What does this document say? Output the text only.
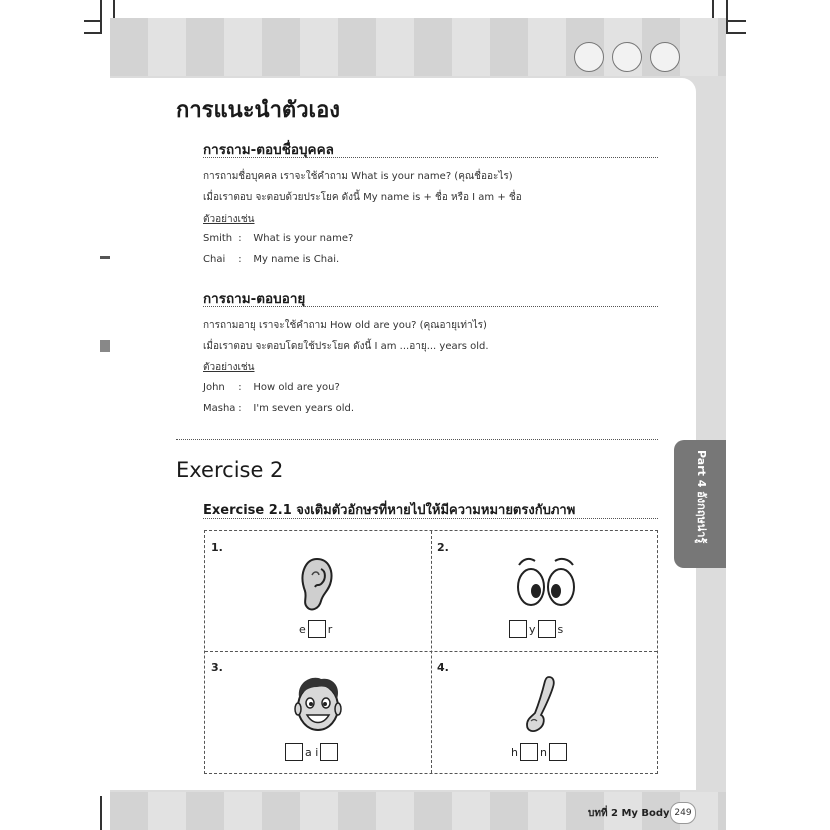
การแนะนำตัวเอง
การถาม-ตอบชื่อบุคคล
การถามชื่อบุคคล เราจะใช้คำถาม What is your name? (คุณชื่ออะไร)
เมื่อเราตอบ จะตอบด้วยประโยค ดังนี้ My name is + ชื่อ หรือ I am + ชื่อ
ตัวอย่างเช่น
Smith : What is your name?
Chai : My name is Chai.
การถาม-ตอบอายุ
การถามอายุ เราจะใช้คำถาม How old are you? (คุณอายุเท่าไร)
เมื่อเราตอบ จะตอบโดยใช้ประโยค ดังนี้ I am ...อายุ... years old.
ตัวอย่างเช่น
John : How old are you?
Masha : I'm seven years old.
Exercise 2
Exercise 2.1 จงเติมตัวอักษรที่หายไปให้มีความหมายตรงกับภาพ
1.
e r
2.
y s
3.
a i
4.
h n
Part 4 อังกฤษน่ารู้
บทที่ 2 My Body 249
